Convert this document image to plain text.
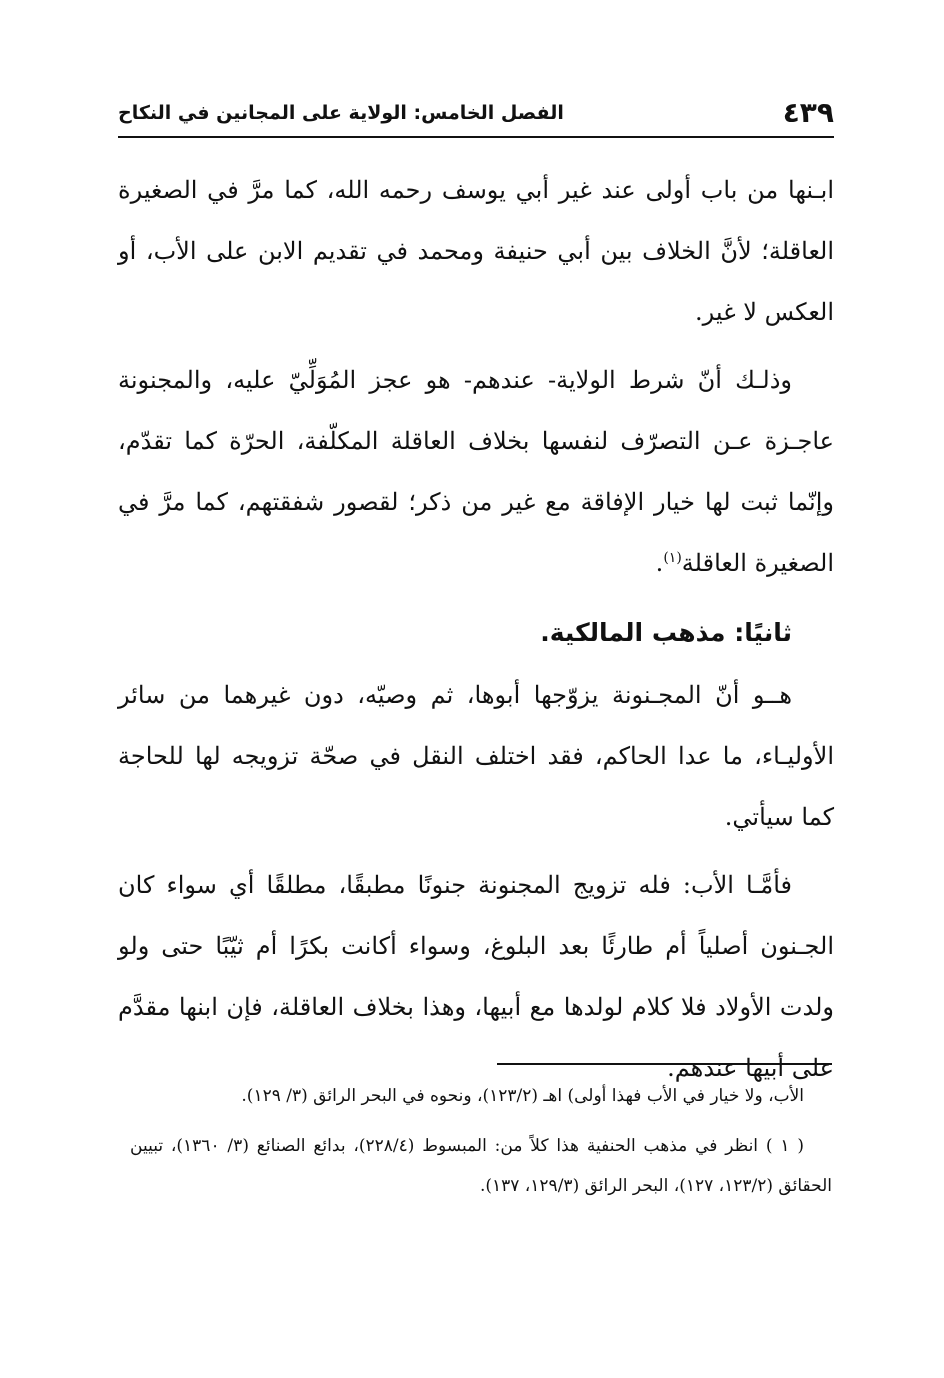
٤٣٩
الفصل الخامس: الولاية على المجانين في النكاح

ابـنها من باب أولى عند غير أبي يوسف رحمه الله، كما مرَّ في الصغيرة العاقلة؛ لأنَّ الخلاف بين أبي حنيفة ومحمد في تقديم الابن على الأب، أو العكس لا غير.

وذلـك أنّ شرط الولاية- عندهم- هو عجز المُوَلِّيّ عليه، والمجنونة عاجـزة عـن التصرّف لنفسها بخلاف العاقلة المكلّفة، الحرّة كما تقدّم، وإنّما ثبت لها خيار الإفاقة مع غير من ذكر؛ لقصور شفقتهم، كما مرَّ في الصغيرة العاقلة$^{(١)}$.

ثانيًا: مذهب المالكية.

هــو أنّ المجـنونة يزوّجها أبوها، ثم وصيّه، دون غيرهما من سائر الأوليـاء، ما عدا الحاكم، فقد اختلف النقل في صحّة تزويجه لها للحاجة كما سيأتي.

فأمَّـا الأب: فله تزويج المجنونة جنونًا مطبقًا، مطلقًا أي سواء كان الجـنون أصلياً أم طارئًا بعد البلوغ، وسواء أكانت بكرًا أم ثيّبًا حتى ولو ولدت الأولاد فلا كلام لولدها مع أبيها، وهذا بخلاف العاقلة، فإن ابنها مقدَّم على أبيها عندهم.

الأب، ولا خيار في الأب فهذا أولى) اهـ (١٢٣/٢)، ونحوه في البحر الرائق (٣/ ١٢٩).

( ١ ) انظر في مذهب الحنفية هذا كلاً من: المبسوط (٢٢٨/٤)، بدائع الصنائع (٣/ ١٣٦٠)، تبيين الحقائق (١٢٣/٢، ١٢٧)، البحر الرائق (١٢٩/٣، ١٣٧).
